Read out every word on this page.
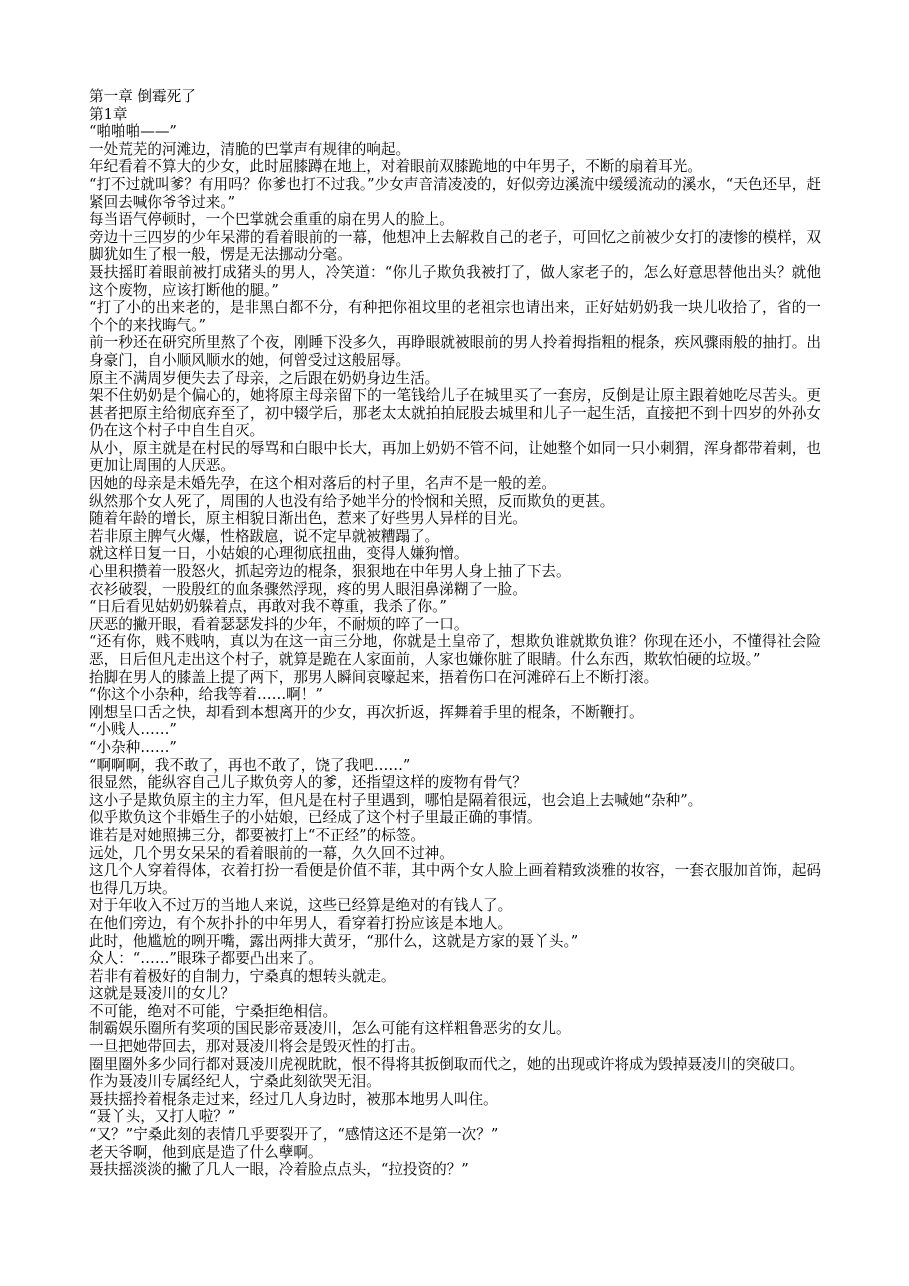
第一章 倒霉死了

第1章

“啪啪啪——”

一处荒芜的河滩边，清脆的巴掌声有规律的响起。

年纪看着不算大的少女，此时屈膝蹲在地上，对着眼前双膝跪地的中年男子，不断的扇着耳光。

“打不过就叫爹？有用吗？你爹也打不过我。”少女声音清凌凌的，好似旁边溪流中缓缓流动的溪水，“天色还早，赶紧回去喊你爷爷过来。”

每当语气停顿时，一个巴掌就会重重的扇在男人的脸上。

旁边十三四岁的少年呆滞的看着眼前的一幕，他想冲上去解救自己的老子，可回忆之前被少女打的凄惨的模样，双脚犹如生了根一般，愣是无法挪动分毫。

聂扶摇盯着眼前被打成猪头的男人，冷笑道：“你儿子欺负我被打了，做人家老子的，怎么好意思替他出头？就他这个废物，应该打断他的腿。”

“打了小的出来老的，是非黑白都不分，有种把你祖坟里的老祖宗也请出来，正好姑奶奶我一块儿收拾了，省的一个个的来找晦气。”

前一秒还在研究所里熬了个夜，刚睡下没多久，再睁眼就被眼前的男人拎着拇指粗的棍条，疾风骤雨般的抽打。出身豪门，自小顺风顺水的她，何曾受过这般屈辱。

原主不满周岁便失去了母亲，之后跟在奶奶身边生活。

架不住奶奶是个偏心的，她将原主母亲留下的一笔钱给儿子在城里买了一套房，反倒是让原主跟着她吃尽苦头。更甚者把原主给彻底弃至了，初中辍学后，那老太太就拍拍屁股去城里和儿子一起生活，直接把不到十四岁的外孙女仍在这个村子中自生自灭。

从小，原主就是在村民的辱骂和白眼中长大，再加上奶奶不管不问，让她整个如同一只小刺猬，浑身都带着刺，也更加让周围的人厌恶。

因她的母亲是未婚先孕，在这个相对落后的村子里，名声不是一般的差。

纵然那个女人死了，周围的人也没有给予她半分的怜悯和关照，反而欺负的更甚。

随着年龄的增长，原主相貌日渐出色，惹来了好些男人异样的目光。

若非原主脾气火爆，性格跋扈，说不定早就被糟蹋了。

就这样日复一日，小姑娘的心理彻底扭曲，变得人嫌狗憎。

心里积攒着一股怒火，抓起旁边的棍条，狠狠地在中年男人身上抽了下去。

衣衫破裂，一股殷红的血条骤然浮现，疼的男人眼泪鼻涕糊了一脸。

“日后看见姑奶奶躲着点，再敢对我不尊重，我杀了你。”

厌恶的撇开眼，看着瑟瑟发抖的少年，不耐烦的啐了一口。

“还有你，贱不贱呐，真以为在这一亩三分地，你就是土皇帝了，想欺负谁就欺负谁？你现在还小，不懂得社会险恶，日后但凡走出这个村子，就算是跪在人家面前，人家也嫌你脏了眼睛。什么东西，欺软怕硬的垃圾。”

抬脚在男人的膝盖上提了两下，那男人瞬间哀嚎起来，捂着伤口在河滩碎石上不断打滚。

“你这个小杂种，给我等着……啊！”

刚想呈口舌之快，却看到本想离开的少女，再次折返，挥舞着手里的棍条，不断鞭打。

“小贱人……”

“小杂种……”

“啊啊啊，我不敢了，再也不敢了，饶了我吧……”

很显然，能纵容自己儿子欺负旁人的爹，还指望这样的废物有骨气？

这小子是欺负原主的主力军，但凡是在村子里遇到，哪怕是隔着很远，也会追上去喊她“杂种”。

似乎欺负这个非婚生子的小姑娘，已经成了这个村子里最正确的事情。

谁若是对她照拂三分，都要被打上“不正经”的标签。

远处，几个男女呆呆的看着眼前的一幕，久久回不过神。

这几个人穿着得体，衣着打扮一看便是价值不菲，其中两个女人脸上画着精致淡雅的妆容，一套衣服加首饰，起码也得几万块。

对于年收入不过万的当地人来说，这些已经算是绝对的有钱人了。

在他们旁边，有个灰扑扑的中年男人，看穿着打扮应该是本地人。

此时，他尴尬的咧开嘴，露出两排大黄牙，“那什么，这就是方家的聂丫头。”

众人：“……”眼珠子都要凸出来了。

若非有着极好的自制力，宁桑真的想转头就走。

这就是聂凌川的女儿？

不可能，绝对不可能，宁桑拒绝相信。

制霸娱乐圈所有奖项的国民影帝聂凌川，怎么可能有这样粗鲁恶劣的女儿。

一旦把她带回去，那对聂凌川将会是毁灭性的打击。

圈里圈外多少同行都对聂凌川虎视眈眈，恨不得将其扳倒取而代之，她的出现或许将成为毁掉聂凌川的突破口。

作为聂凌川专属经纪人，宁桑此刻欲哭无泪。

聂扶摇拎着棍条走过来，经过几人身边时，被那本地男人叫住。

“聂丫头，又打人啦？”

“又？”宁桑此刻的表情几乎要裂开了，“感情这还不是第一次？”

老天爷啊，他到底是造了什么孽啊。

聂扶摇淡淡的撇了几人一眼，冷着脸点点头，“拉投资的？”
